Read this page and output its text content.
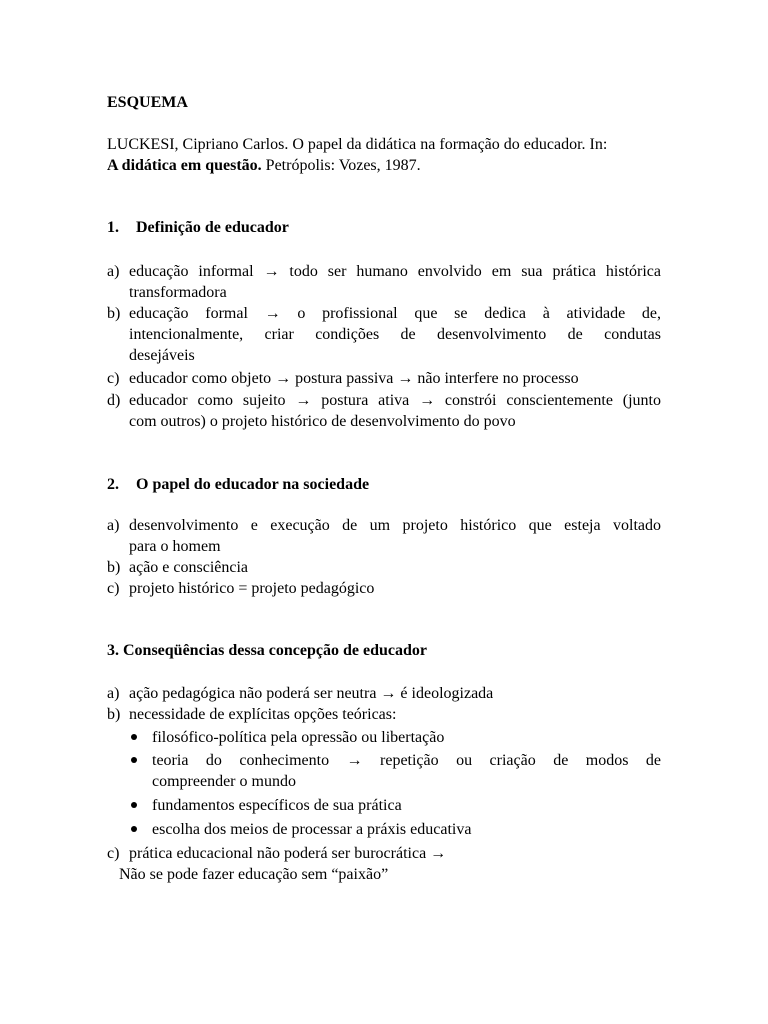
ESQUEMA
LUCKESI, Cipriano Carlos. O papel da didática na formação do educador. In:
A didática em questão. Petrópolis: Vozes, 1987.
1. Definição de educador
a) educação informal → todo ser humano envolvido em sua prática histórica
transformadora
b) educação formal → o profissional que se dedica à atividade de,
intencionalmente, criar condições de desenvolvimento de condutas
desejáveis
c) educador como objeto → postura passiva → não interfere no processo
d) educador como sujeito → postura ativa → constrói conscientemente (junto
com outros) o projeto histórico de desenvolvimento do povo
2. O papel do educador na sociedade
a) desenvolvimento e execução de um projeto histórico que esteja voltado
para o homem
b) ação e consciência
c) projeto histórico = projeto pedagógico
3. Conseqüências dessa concepção de educador
a) ação pedagógica não poderá ser neutra → é ideologizada
b) necessidade de explícitas opções teóricas:
filosófico-política pela opressão ou libertação
teoria do conhecimento → repetição ou criação de modos de
compreender o mundo
fundamentos específicos de sua prática
escolha dos meios de processar a práxis educativa
c) prática educacional não poderá ser burocrática →
Não se pode fazer educação sem “paixão”
